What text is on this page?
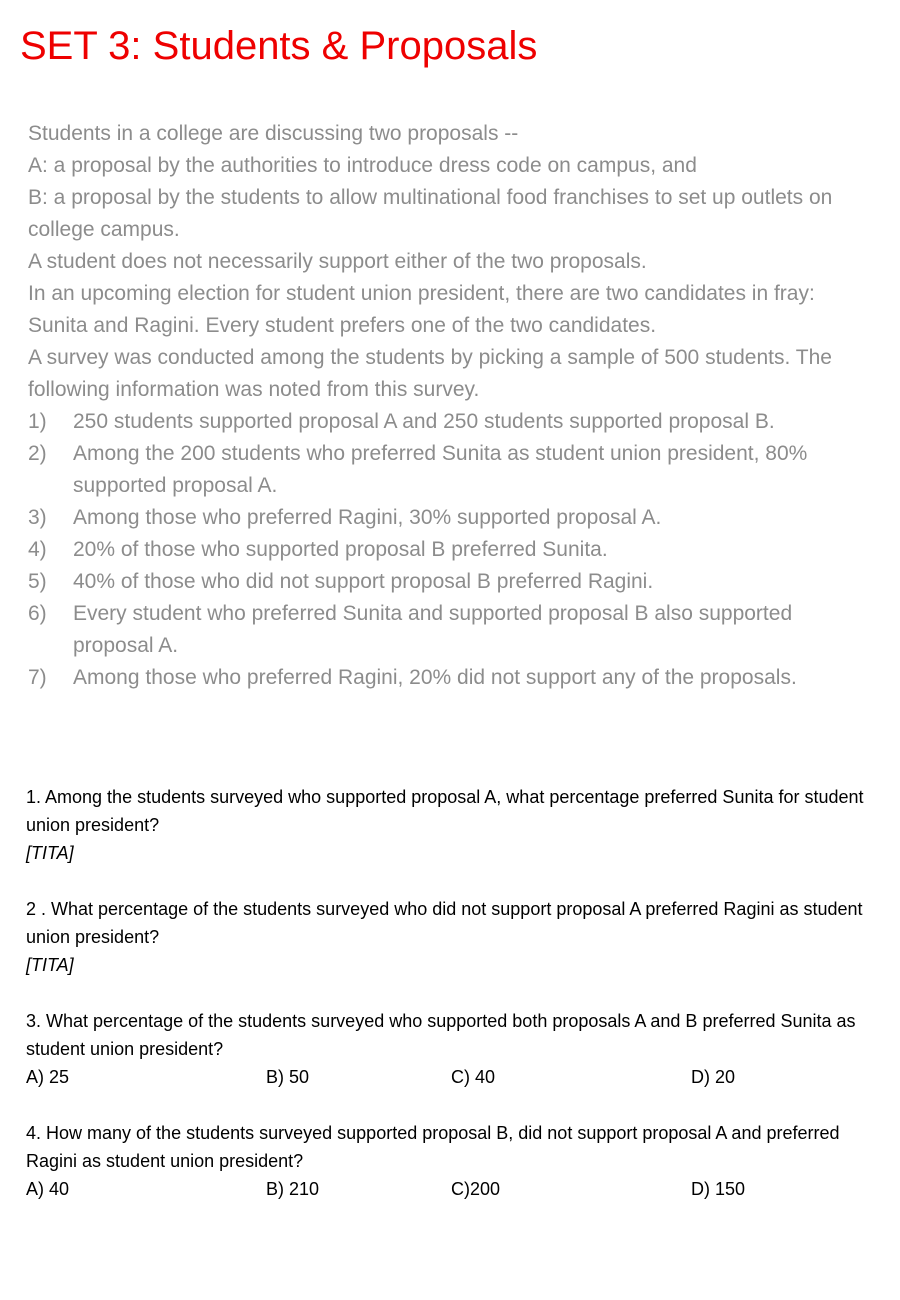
SET 3: Students & Proposals

Students in a college are discussing two proposals --

A: a proposal by the authorities to introduce dress code on campus, and

B: a proposal by the students to allow multinational food franchises to set up outlets on college campus.

A student does not necessarily support either of the two proposals.

In an upcoming election for student union president, there are two candidates in fray: Sunita and Ragini. Every student prefers one of the two candidates.

A survey was conducted among the students by picking a sample of 500 students. The following information was noted from this survey.

1) 250 students supported proposal A and 250 students supported proposal B.
2) Among the 200 students who preferred Sunita as student union president, 80% supported proposal A.
3) Among those who preferred Ragini, 30% supported proposal A.
4) 20% of those who supported proposal B preferred Sunita.
5) 40% of those who did not support proposal B preferred Ragini.
6) Every student who preferred Sunita and supported proposal B also supported proposal A.
7) Among those who preferred Ragini, 20% did not support any of the proposals.
1. Among the students surveyed who supported proposal A, what percentage preferred Sunita for student union president?
[TITA]
2 . What percentage of the students surveyed who did not support proposal A preferred Ragini as student union president?
[TITA]
3. What percentage of the students surveyed who supported both proposals A and B preferred Sunita as student union president?
A) 25	B) 50	C) 40	D) 20
4. How many of the students surveyed supported proposal B, did not support proposal A and preferred Ragini as student union president?
A) 40	B) 210	C)200	D) 150
